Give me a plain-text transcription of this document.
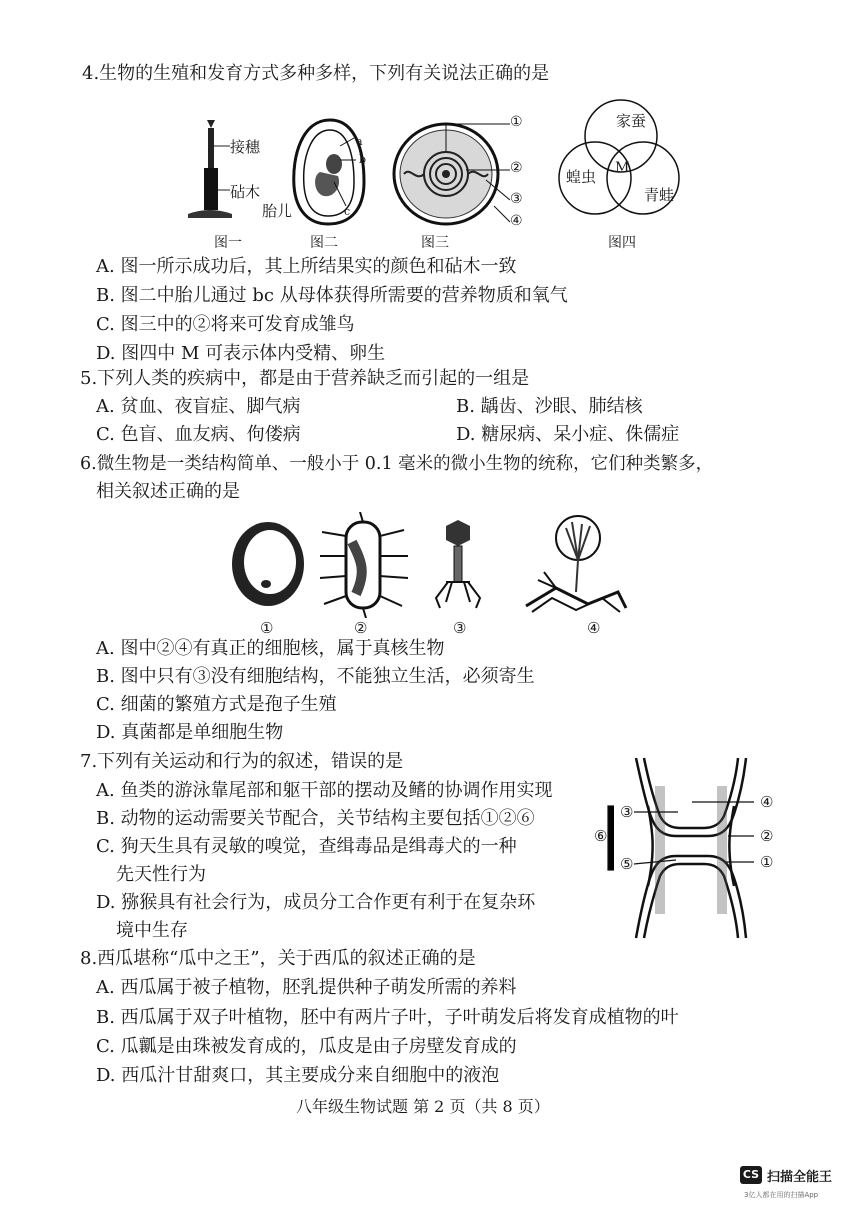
4.生物的生殖和发育方式多种多样，下列有关说法正确的是
接穗
砧木
图一
a
b
c
胎儿
图二
①
②
③
④
图三
家蚕
蝗虫
青蛙
M
图四
A. 图一所示成功后，其上所结果实的颜色和砧木一致
B. 图二中胎儿通过 bc 从母体获得所需要的营养物质和氧气
C. 图三中的②将来可发育成雏鸟
D. 图四中 M 可表示体内受精、卵生
5.下列人类的疾病中，都是由于营养缺乏而引起的一组是
A. 贫血、夜盲症、脚气病	B. 龋齿、沙眼、肺结核
C. 色盲、血友病、佝偻病	D. 糖尿病、呆小症、侏儒症
6.微生物是一类结构简单、一般小于 0.1 毫米的微小生物的统称，它们种类繁多，
相关叙述正确的是
①	②	③	④
A. 图中②④有真正的细胞核，属于真核生物
B. 图中只有③没有细胞结构，不能独立生活，必须寄生
C. 细菌的繁殖方式是孢子生殖
D. 真菌都是单细胞生物
7.下列有关运动和行为的叙述，错误的是
A. 鱼类的游泳靠尾部和躯干部的摆动及鳍的协调作用实现
B. 动物的运动需要关节配合，关节结构主要包括①②⑥
C. 狗天生具有灵敏的嗅觉，查缉毒品是缉毒犬的一种
先天性行为
D. 猕猴具有社会行为，成员分工合作更有利于在复杂环
境中生存
③
⑤
⑥
④
②
①
8.西瓜堪称“瓜中之王”，关于西瓜的叙述正确的是
A. 西瓜属于被子植物，胚乳提供种子萌发所需的养料
B. 西瓜属于双子叶植物，胚中有两片子叶，子叶萌发后将发育成植物的叶
C. 瓜瓤是由珠被发育成的，瓜皮是由子房壁发育成的
D. 西瓜汁甘甜爽口，其主要成分来自细胞中的液泡
八年级生物试题 第 2 页（共 8 页）
CS 扫描全能王
3亿人都在用的扫描App
